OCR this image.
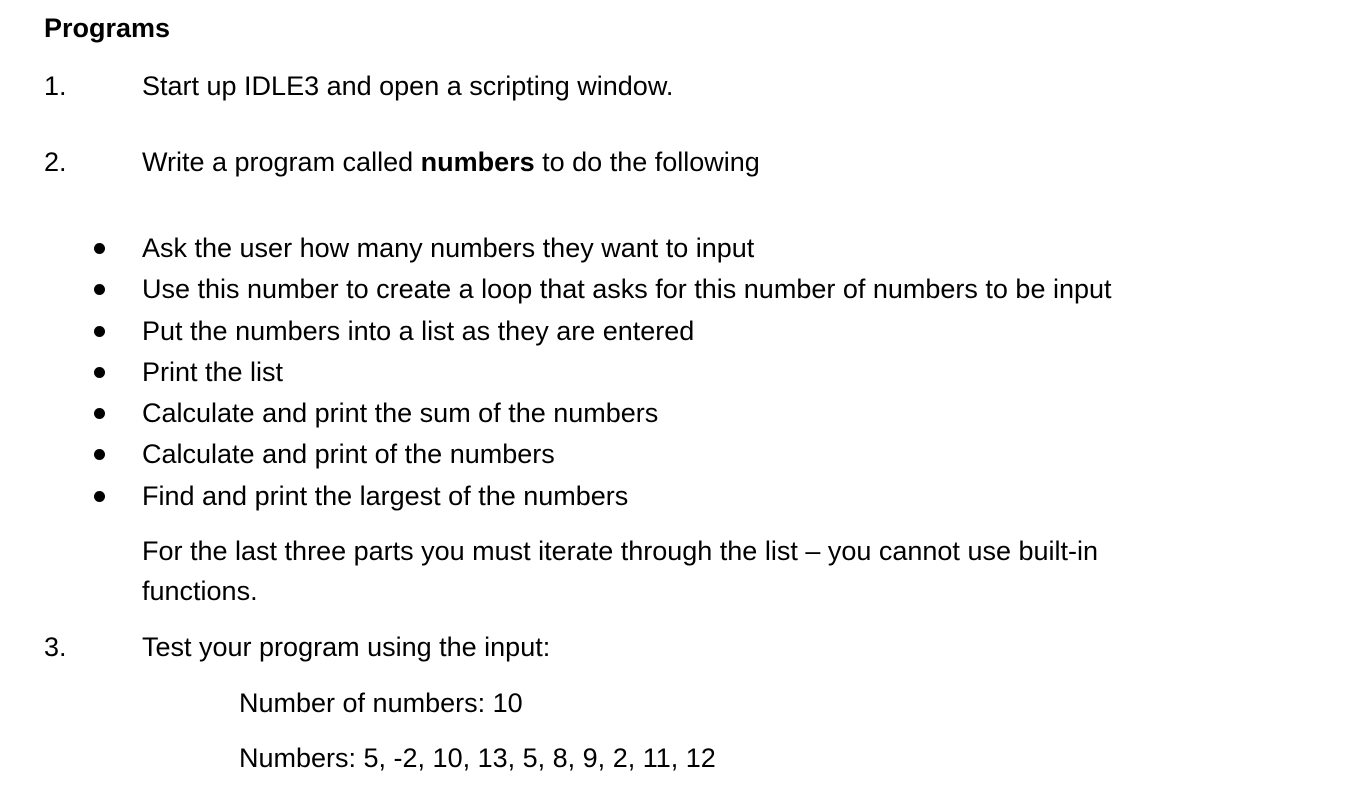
Programs
1.	Start up IDLE3 and open a scripting window.
2.	Write a program called numbers to do the following
Ask the user how many numbers they want to input
Use this number to create a loop that asks for this number of numbers to be input
Put the numbers into a list as they are entered
Print the list
Calculate and print the sum of the numbers
Calculate and print of the numbers
Find and print the largest of the numbers
For the last three parts you must iterate through the list – you cannot use built-in
functions.
3.	Test your program using the input:
Number of numbers: 10
Numbers: 5, -2, 10, 13, 5, 8, 9, 2, 11, 12
